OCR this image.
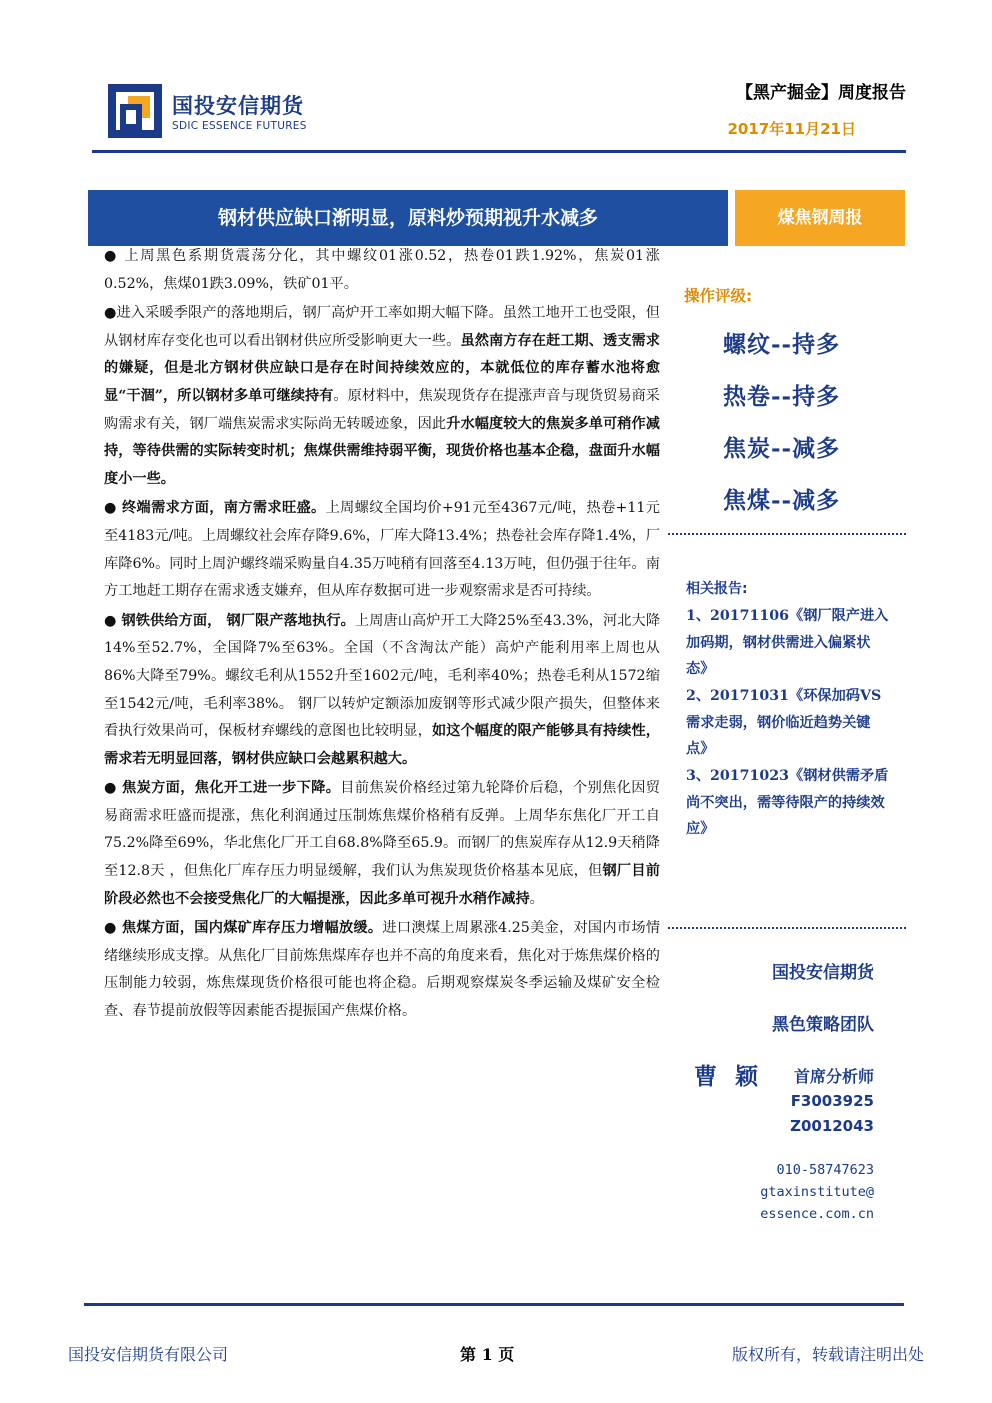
国投安信期货
SDIC ESSENCE FUTURES
【黑产掘金】周度报告
2017年11月21日
钢材供应缺口渐明显，原料炒预期视升水减多	煤焦钢周报

● 上周黑色系期货震荡分化，其中螺纹01涨0.52，热卷01跌1.92%，焦炭01涨0.52%，焦煤01跌3.09%，铁矿01平。

●进入采暖季限产的落地期后，钢厂高炉开工率如期大幅下降。虽然工地开工也受限，但从钢材库存变化也可以看出钢材供应所受影响更大一些。虽然南方存在赶工期、透支需求的嫌疑，但是北方钢材供应缺口是存在时间持续效应的，本就低位的库存蓄水池将愈显“干涸”，所以钢材多单可继续持有。原材料中，焦炭现货存在提涨声音与现货贸易商采购需求有关，钢厂端焦炭需求实际尚无转暖迹象，因此升水幅度较大的焦炭多单可稍作减持，等待供需的实际转变时机；焦煤供需维持弱平衡，现货价格也基本企稳，盘面升水幅度小一些。

● 终端需求方面，南方需求旺盛。上周螺纹全国均价+91元至4367元/吨，热卷+11元至4183元/吨。上周螺纹社会库存降9.6%，厂库大降13.4%；热卷社会库存降1.4%，厂库降6%。同时上周沪螺终端采购量自4.35万吨稍有回落至4.13万吨，但仍强于往年。南方工地赶工期存在需求透支嫌弃，但从库存数据可进一步观察需求是否可持续。

● 钢铁供给方面， 钢厂限产落地执行。上周唐山高炉开工大降25%至43.3%，河北大降14%至52.7%，全国降7%至63%。全国（不含淘汰产能）高炉产能利用率上周也从86%大降至79%。螺纹毛利从1552升至1602元/吨，毛利率40%；热卷毛利从1572缩至1542元/吨，毛利率38%。 钢厂以转炉定额添加废钢等形式减少限产损失，但整体来看执行效果尚可，保板材弃螺线的意图也比较明显，如这个幅度的限产能够具有持续性，需求若无明显回落，钢材供应缺口会越累积越大。

● 焦炭方面，焦化开工进一步下降。目前焦炭价格经过第九轮降价后稳，个别焦化因贸易商需求旺盛而提涨，焦化利润通过压制炼焦煤价格稍有反弹。上周华东焦化厂开工自75.2%降至69%，华北焦化厂开工自68.8%降至65.9。而钢厂的焦炭库存从12.9天稍降至12.8天 ，但焦化厂库存压力明显缓解，我们认为焦炭现货价格基本见底，但钢厂目前阶段必然也不会接受焦化厂的大幅提涨，因此多单可视升水稍作减持。

● 焦煤方面，国内煤矿库存压力增幅放缓。进口澳煤上周累涨4.25美金，对国内市场情绪继续形成支撑。从焦化厂目前炼焦煤库存也并不高的角度来看，焦化对于炼焦煤价格的压制能力较弱，炼焦煤现货价格很可能也将企稳。后期观察煤炭冬季运输及煤矿安全检查、春节提前放假等因素能否提振国产焦煤价格。

操作评级:
螺纹--持多
热卷--持多
焦炭--减多
焦煤--减多
相关报告:
1、20171106《钢厂限产进入加码期，钢材供需进入偏紧状态》
2、20171031《环保加码VS需求走弱，钢价临近趋势关键点》
3、20171023《钢材供需矛盾尚不突出，需等待限产的持续效应》
国投安信期货
黑色策略团队
曹颖 首席分析师
F3003925
Z0012043
010-58747623
gtaxinstitute@
essence.com.cn
国投安信期货有限公司	第 1 页	版权所有，转载请注明出处
